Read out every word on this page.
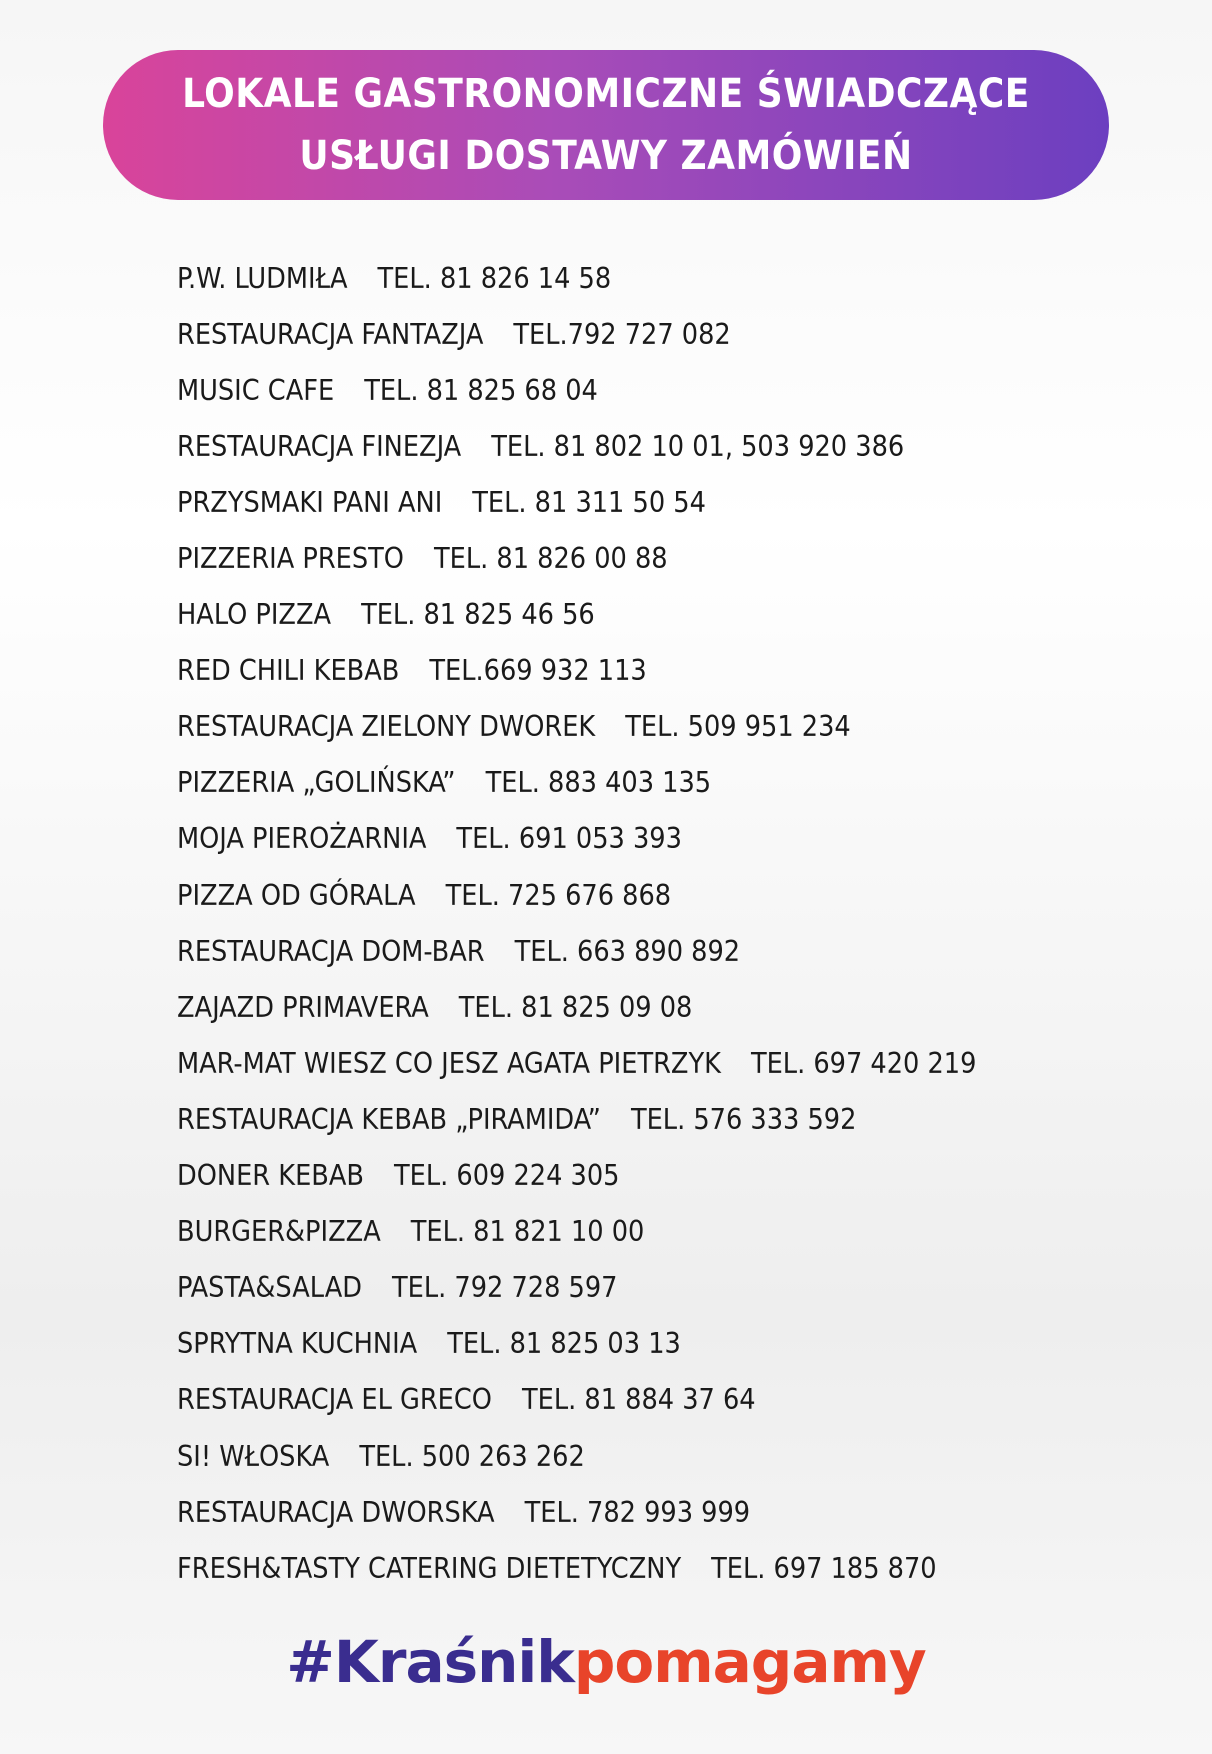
LOKALE GASTRONOMICZNE ŚWIADCZĄCE
USŁUGI DOSTAWY ZAMÓWIEŃ
P.W. LUDMIŁA TEL. 81 826 14 58
RESTAURACJA FANTAZJA TEL.792 727 082
MUSIC CAFE TEL. 81 825 68 04
RESTAURACJA FINEZJA TEL. 81 802 10 01, 503 920 386
PRZYSMAKI PANI ANI TEL. 81 311 50 54
PIZZERIA PRESTO TEL. 81 826 00 88
HALO PIZZA TEL. 81 825 46 56
RED CHILI KEBAB TEL.669 932 113
RESTAURACJA ZIELONY DWOREK TEL. 509 951 234
PIZZERIA „GOLIŃSKA” TEL. 883 403 135
MOJA PIEROŻARNIA TEL. 691 053 393
PIZZA OD GÓRALA TEL. 725 676 868
RESTAURACJA DOM-BAR TEL. 663 890 892
ZAJAZD PRIMAVERA TEL. 81 825 09 08
MAR-MAT WIESZ CO JESZ AGATA PIETRZYK TEL. 697 420 219
RESTAURACJA KEBAB „PIRAMIDA” TEL. 576 333 592
DONER KEBAB TEL. 609 224 305
BURGER&PIZZA TEL. 81 821 10 00
PASTA&SALAD TEL. 792 728 597
SPRYTNA KUCHNIA TEL. 81 825 03 13
RESTAURACJA EL GRECO TEL. 81 884 37 64
SI! WŁOSKA TEL. 500 263 262
RESTAURACJA DWORSKA TEL. 782 993 999
FRESH&TASTY CATERING DIETETYCZNY TEL. 697 185 870
#Kraśnikpomagamy
